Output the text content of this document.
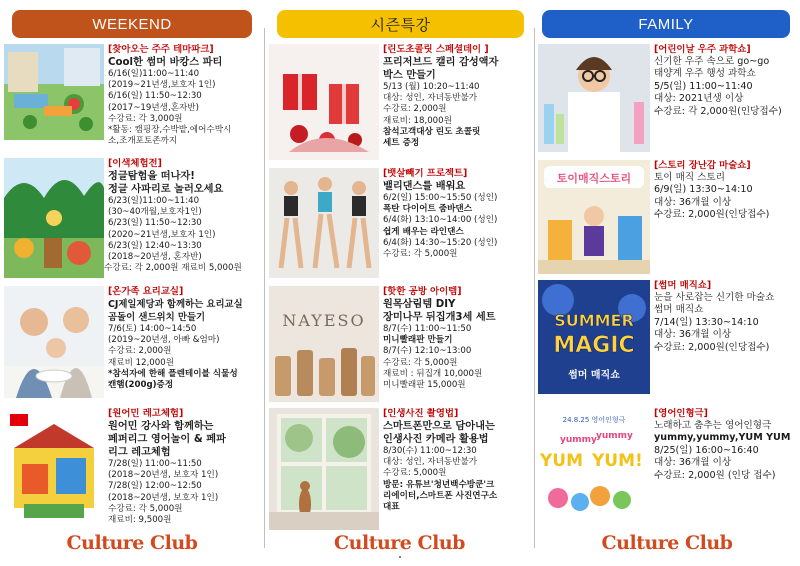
WEEKEND
[찾아오는 주주 테마파크]
Cool한 썸머 바캉스 파티
6/16(일)11:00~11:40
(2019~21년생,보호자 1인)
6/16(일) 11:50~12:30
(2017~19년생,혼자반)
수강료: 각 3,000원
*활동: 캠핑장,수박밭,에어수박시
소,조개포토존까지
[이색체험전]
정글탐험을 떠나자!
정글 사파리로 놀러오세요
6/23(일)11:00~11:40
(30~40개월,보호자1인)
6/23(일) 11:50~12:30
(2020~21년생,보호자 1인)
6/23(일) 12:40~13:30
(2018~20년생, 혼자반)
수강료: 각 2,000원 재료비 5,000원
[온가족 요리교실]
CJ제일제당과 함께하는 요리교실
곰돌이 샌드위치 만들기
7/6(토) 14:00~14:50
(2019~20년생, 아빠 &엄마)
수강료: 2,000원
재료비 12,000원
*참석자에 한해 플렌테이블 식물성
캔햄(200g)증정
[원어민 레고체험]
원어민 강사와 함께하는
페퍼리그 영어놀이 & 페파
리그 레고체험
7/28(일) 11:00~11:50
(2018~20년생, 보호자 1인)
7/28(일) 12:00~12:50
(2018~20년생, 보호자 1인)
수강료: 각 5,000원
재료비: 9,500원
Culture Club
시즌특강
[린도초콜릿 스페셜데이 ]
프리저브드 캘리 감성액자
박스 만들기
5/13 (월) 10:20~11:40
대상: 성인, 자녀동반불가
수강료: 2,000원
재료비: 18,000원
참석고객대상 린도 초콜릿
세트 증정
[뱃살빼기 프로젝트]
밸리댄스를 배워요
6/2(일) 15:00~15:50 (성인)
폭탄 다이어트 줌바댄스
6/4(화) 13:10~14:00 (성인)
쉽게 배우는 라인댄스
6/4(화) 14:30~15:20 (성인)
수강료: 각 5,000원
NAYESO
[핫한 공방 아이템]
원목삼림템 DIY
장미나무 뒤집개3세 세트
8/7(수) 11:00~11:50
미니빨래판 만들기
8/7(수) 12:10~13:00
수강료: 각 5,000원
재료비 : 뒤집개 10,000원
미니빨래판 15,000원
[인생사진 촬영법]
스마트폰만으로 담아내는
인생사진 카메라 활용법
8/30(수) 11:00~12:30
대상: 성인, 자녀동반불가
수강료: 5,000원
방문: 유튜브'청년백수방쿤'크
리에이터,스마트폰 사진연구소
대표
Culture Club
FAMILY
[어린이날 우주 과학쇼]
신기한 우주 속으로 go~go
태양계 우주 행성 과학쇼
5/5(일) 11:00~11:40
대상: 2021년생 이상
수강료: 각 2,000원(인당접수)
토이매직스토리
[스토리 장난감 마술쇼]
토이 매직 스토리
6/9(일) 13:30~14:10
대상: 36개월 이상
수강료: 2,000원(인당접수)
SUMMER
MAGIC
썸머 매직쇼
[썸머 매직쇼]
눈을 사로잡는 신기한 마술쇼
썸머 매직쇼
7/14(일) 13:30~14:10
대상: 36개월 이상
수강료: 2,000원(인당접수)
24.8.25 영어인형극
yummy yummy
YUM YUM!
[영어인형극]
노래하고 춤추는 영어인형극
yummy,yummy,YUM YUM
8/25(일) 16:00~16:40
대상: 36개월 이상
수강료: 2,000원 (인당 접수)
Culture Club
